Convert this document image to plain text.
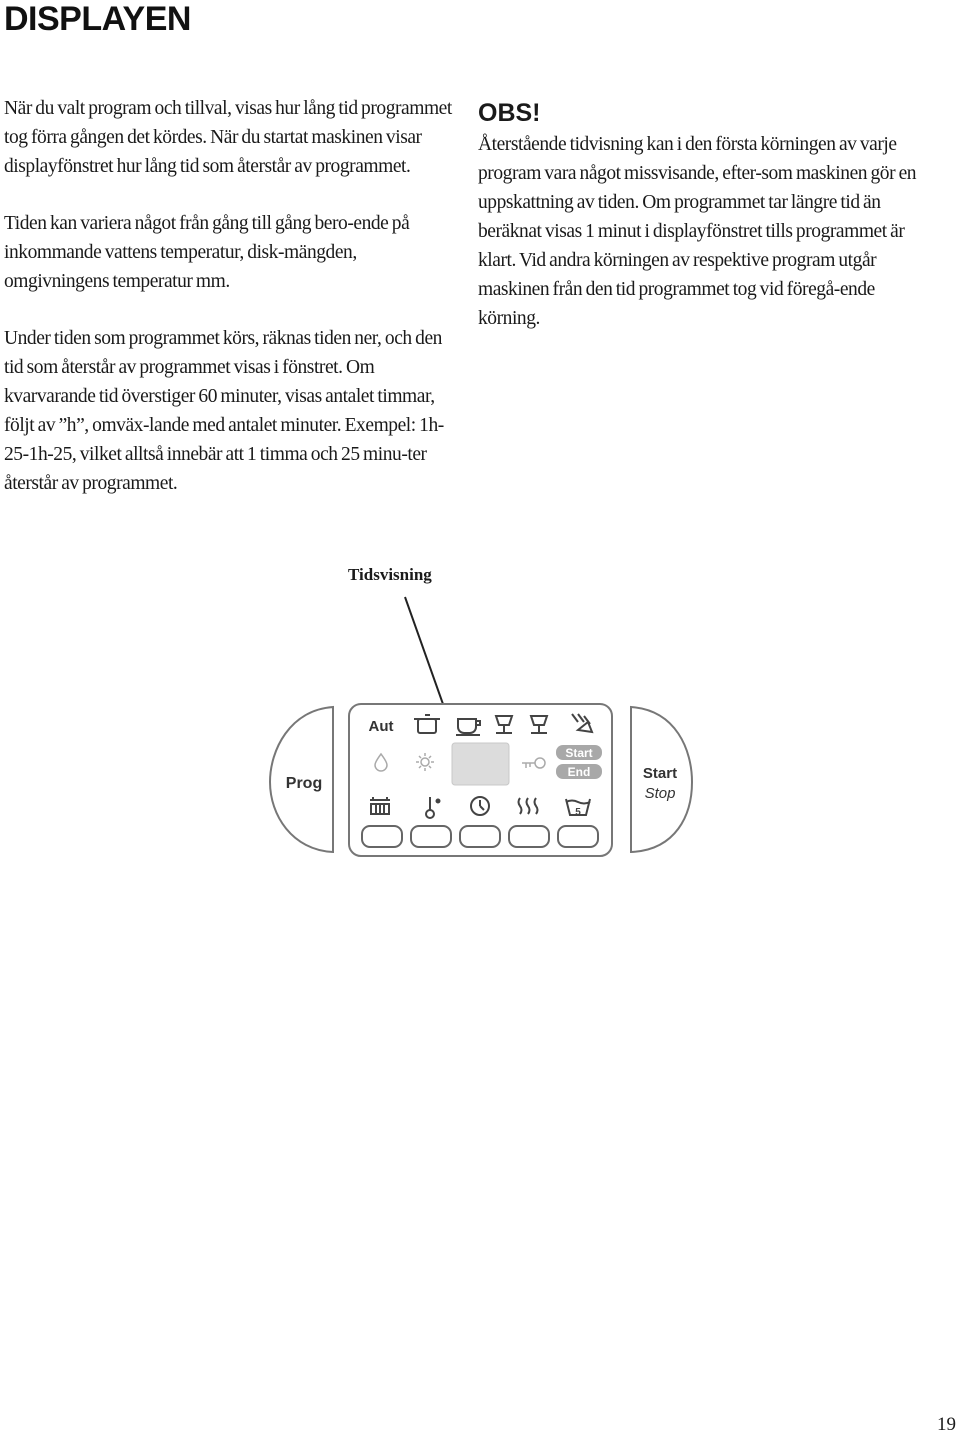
DISPLAYEN

När du valt program och tillval, visas hur lång tid programmet tog förra gången det kördes. När du startat maskinen visar displayfönstret hur lång tid som återstår av programmet.

Tiden kan variera något från gång till gång bero-ende på inkommande vattens temperatur, disk-mängden, omgivningens temperatur mm.

Under tiden som programmet körs, räknas tiden ner, och den tid som återstår av programmet visas i fönstret. Om kvarvarande tid överstiger 60 minuter, visas antalet timmar, följt av ”h”, omväx-lande med antalet minuter. Exempel: 1h-25-1h-25, vilket alltså innebär att 1 timma och 25 minu-ter återstår av programmet.

OBS!

Återstående tidvisning kan i den första körningen av varje program vara något missvisande, efter-som maskinen gör en uppskattning av tiden. Om programmet tar längre tid än beräknat visas 1 minut i displayfönstret tills programmet är klart. Vid andra körningen av respektive program utgår maskinen från den tid programmet tog vid föregå-ende körning.

Tidsvisning
Prog
Start
Stop
Aut
Start
End
5
19
